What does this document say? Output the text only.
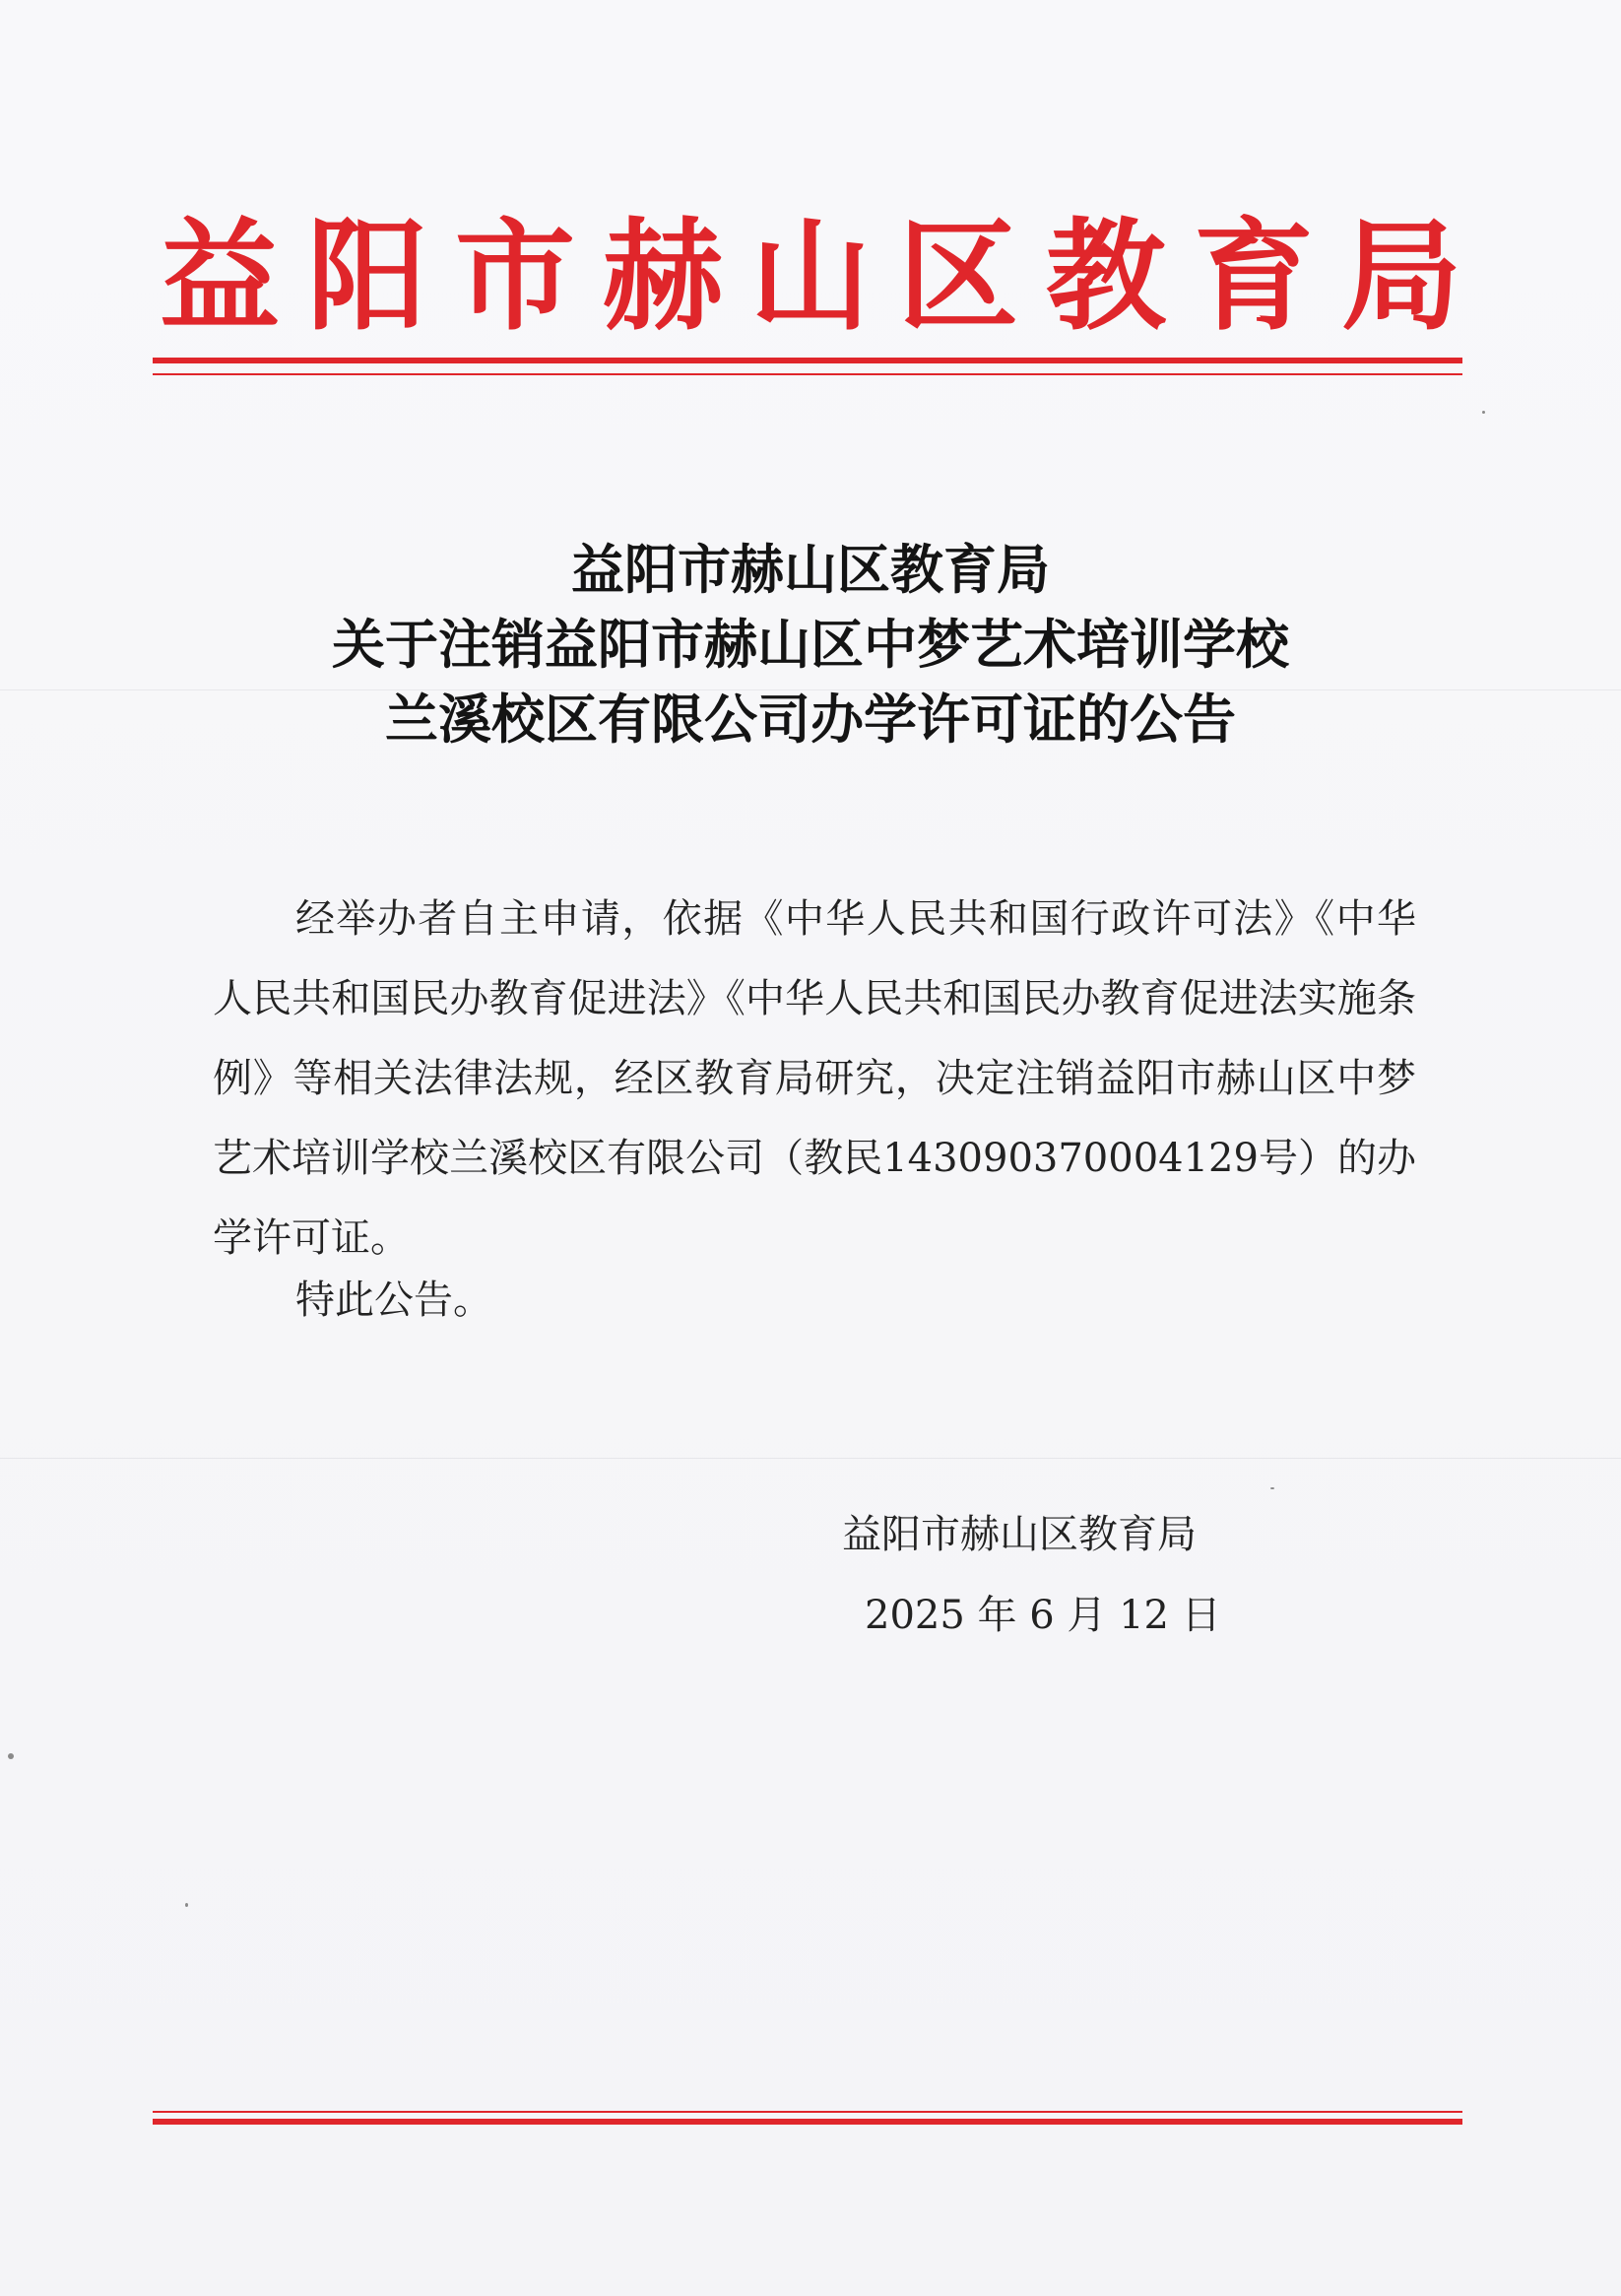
益阳市赫山区教育局
益阳市赫山区教育局
关于注销益阳市赫山区中梦艺术培训学校
兰溪校区有限公司办学许可证的公告

经举办者自主申请，依据《中华人民共和国行政许可法》《中华人民共和国民办教育促进法》《中华人民共和国民办教育促进法实施条例》等相关法律法规，经区教育局研究，决定注销益阳市赫山区中梦艺术培训学校兰溪校区有限公司（教民143090370004129号）的办学许可证。

特此公告。
益阳市赫山区教育局
2025 年 6 月 12 日
